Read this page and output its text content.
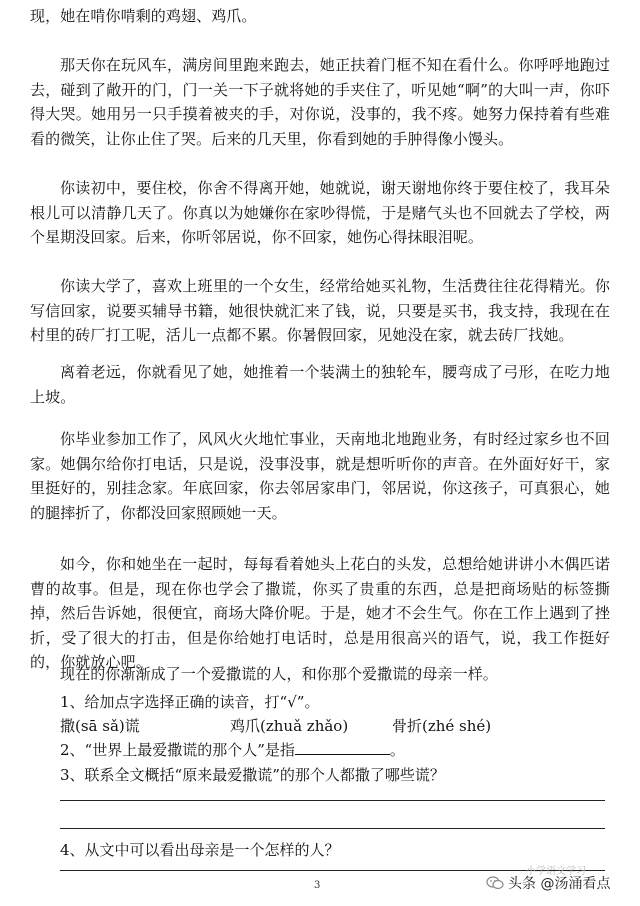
现，她在啃你啃剩的鸡翅、鸡爪。

那天你在玩风车，满房间里跑来跑去，她正扶着门框不知在看什么。你呼呼地跑过去，碰到了敞开的门，门一关一下子就将她的手夹住了，听见她“啊”的大叫一声，你吓得大哭。她用另一只手摸着被夹的手，对你说，没事的，我不疼。她努力保持着有些难看的微笑，让你止住了哭。后来的几天里，你看到她的手肿得像小馒头。

你读初中，要住校，你舍不得离开她，她就说，谢天谢地你终于要住校了，我耳朵根儿可以清静几天了。你真以为她嫌你在家吵得慌，于是赌气头也不回就去了学校，两个星期没回家。后来，你听邻居说，你不回家，她伤心得抹眼泪呢。

你读大学了，喜欢上班里的一个女生，经常给她买礼物，生活费往往花得精光。你写信回家，说要买辅导书籍，她很快就汇来了钱，说，只要是买书，我支持，我现在在村里的砖厂打工呢，活儿一点都不累。你暑假回家，见她没在家，就去砖厂找她。

离着老远，你就看见了她，她推着一个装满土的独轮车，腰弯成了弓形，在吃力地上坡。

你毕业参加工作了，风风火火地忙事业，天南地北地跑业务，有时经过家乡也不回家。她偶尔给你打电话，只是说，没事没事，就是想听听你的声音。在外面好好干，家里挺好的，别挂念家。年底回家，你去邻居家串门，邻居说，你这孩子，可真狠心，她的腿摔折了，你都没回家照顾她一天。

如今，你和她坐在一起时，每每看着她头上花白的头发，总想给她讲讲小木偶匹诺曹的故事。但是，现在你也学会了撒谎，你买了贵重的东西，总是把商场贴的标签撕掉，然后告诉她，很便宜，商场大降价呢。于是，她才不会生气。你在工作上遇到了挫折，受了很大的打击，但是你给她打电话时，总是用很高兴的语气，说，我工作挺好的，你就放心吧。

现在的你渐渐成了一个爱撒谎的人，和你那个爱撒谎的母亲一样。

1、给加点字选择正确的读音，打“√”。

撒(sā sǎ)谎	鸡爪(zhuǎ zhǎo)	骨折(zhé shé)

2、“世界上最爱撒谎的那个人”是指	。

3、联系全文概括“原来最爱撒谎”的那个人都撒了哪些谎？

4、从文中可以看出母亲是一个怎样的人？

3
小学语文学习
头条 @汤涌看点
